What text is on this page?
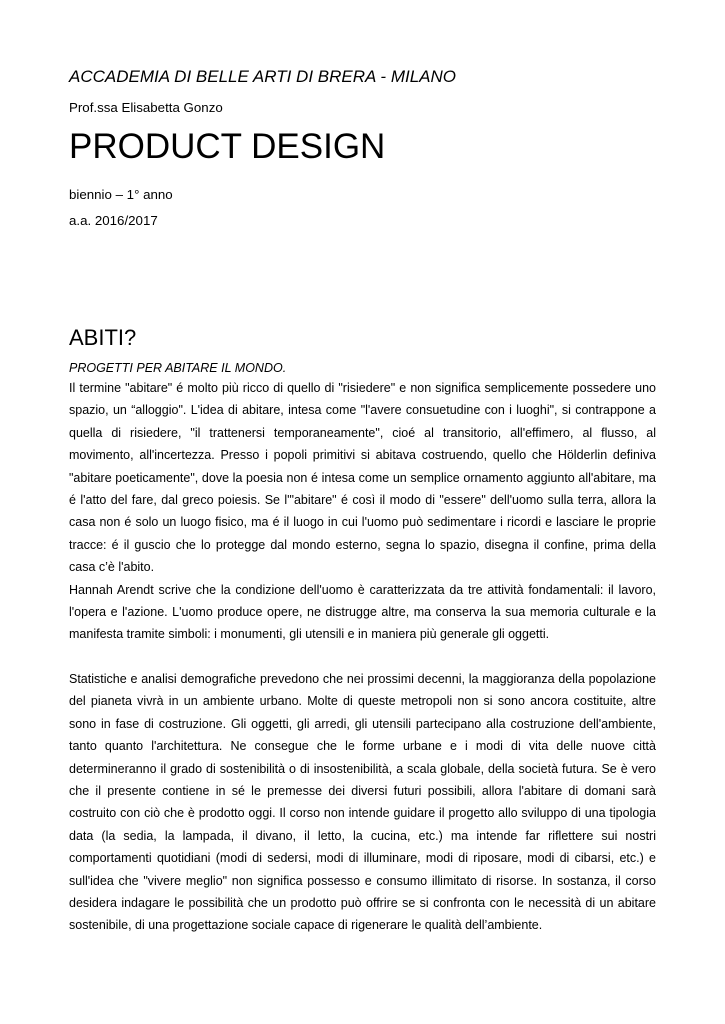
ACCADEMIA DI BELLE ARTI DI BRERA - MILANO

Prof.ssa Elisabetta Gonzo

PRODUCT DESIGN

biennio – 1° anno

a.a. 2016/2017

ABITI?

PROGETTI PER ABITARE IL MONDO.

Il termine "abitare" é molto più ricco di quello di "risiedere" e non significa semplicemente possedere uno spazio, un “alloggio". L'idea di abitare, intesa come "l'avere consuetudine con i luoghi", si contrappone a quella di risiedere, "il trattenersi temporaneamente", cioé al transitorio, all'effimero, al flusso, al movimento, all'incertezza. Presso i popoli primitivi si abitava costruendo, quello che Hölderlin definiva "abitare poeticamente", dove la poesia non é intesa come un semplice ornamento aggiunto all'abitare, ma é l'atto del fare, dal greco poiesis. Se l'"abitare" é così il modo di "essere" dell'uomo sulla terra, allora la casa non é solo un luogo fisico, ma é il luogo in cui l'uomo può sedimentare i ricordi e lasciare le proprie tracce: é il guscio che lo protegge dal mondo esterno, segna lo spazio, disegna il confine, prima della casa c’è l'abito.

Hannah Arendt scrive che la condizione dell'uomo è caratterizzata da tre attività fondamentali: il lavoro, l'opera e l'azione. L'uomo produce opere, ne distrugge altre, ma conserva la sua memoria culturale e la manifesta tramite simboli: i monumenti, gli utensili e in maniera più generale gli oggetti.

Statistiche e analisi demografiche prevedono che nei prossimi decenni, la maggioranza della popolazione del pianeta vivrà in un ambiente urbano. Molte di queste metropoli non si sono ancora costituite, altre sono in fase di costruzione. Gli oggetti, gli arredi, gli utensili partecipano alla costruzione dell'ambiente, tanto quanto l'architettura. Ne consegue che le forme urbane e i modi di vita delle nuove città determineranno il grado di sostenibilità o di insostenibilità, a scala globale, della società futura. Se è vero che il presente contiene in sé le premesse dei diversi futuri possibili, allora l'abitare di domani sarà costruito con ciò che è prodotto oggi. Il corso non intende guidare il progetto allo sviluppo di una tipologia data (la sedia, la lampada, il divano, il letto, la cucina, etc.) ma intende far riflettere sui nostri comportamenti quotidiani (modi di sedersi, modi di illuminare, modi di riposare, modi di cibarsi, etc.) e sull'idea che "vivere meglio" non significa possesso e consumo illimitato di risorse. In sostanza, il corso desidera indagare le possibilità che un prodotto può offrire se si confronta con le necessità di un abitare sostenibile, di una progettazione sociale capace di rigenerare le qualità dell’ambiente.
